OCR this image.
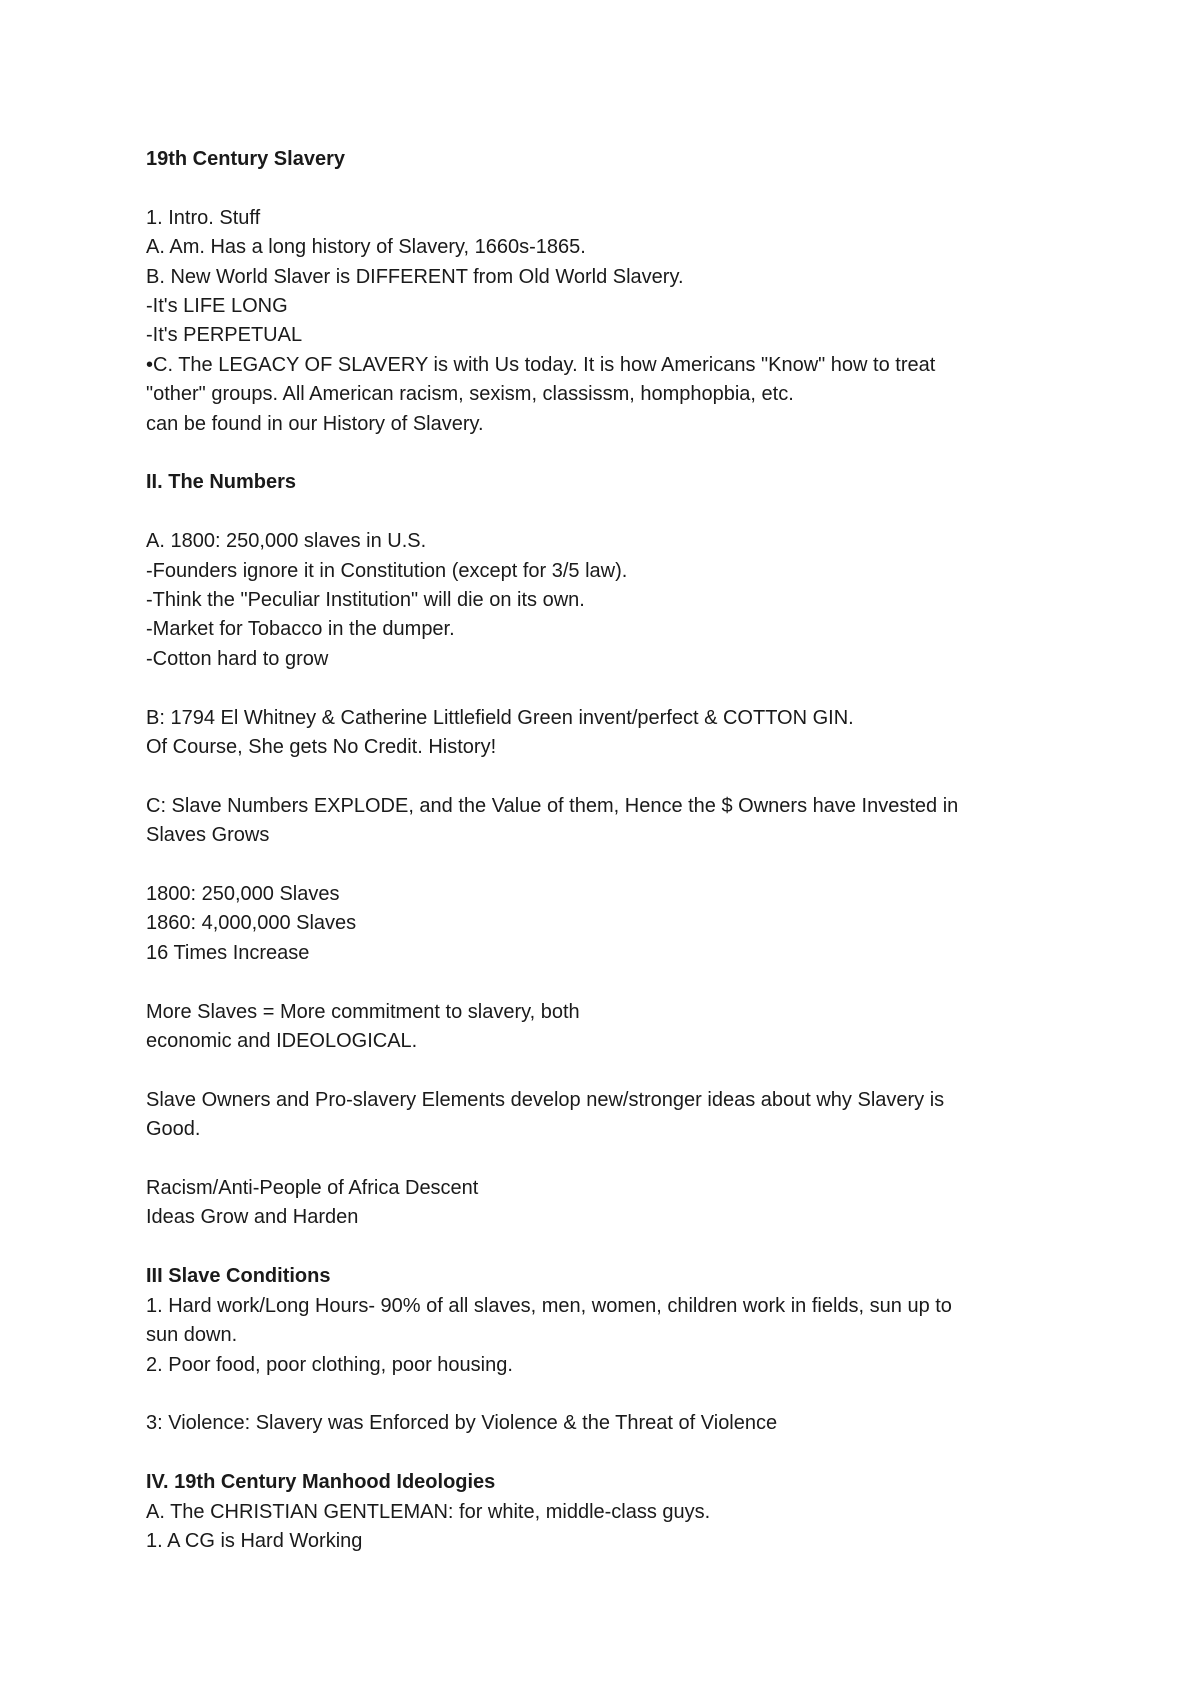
19th Century Slavery
1. Intro. Stuff
A. Am. Has a long history of Slavery, 1660s-1865.
B. New World Slaver is DIFFERENT from Old World Slavery.
-It's LIFE LONG
-It's PERPETUAL
•C. The LEGACY OF SLAVERY is with Us today. It is how Americans "Know" how to treat
"other" groups. All American racism, sexism, classissm, homphopbia, etc.
can be found in our History of Slavery.
II. The Numbers
A. 1800: 250,000 slaves in U.S.
-Founders ignore it in Constitution (except for 3/5 law).
-Think the "Peculiar Institution" will die on its own.
-Market for Tobacco in the dumper.
-Cotton hard to grow
B: 1794 El Whitney & Catherine Littlefield Green invent/perfect & COTTON GIN.
Of Course, She gets No Credit. History!
C: Slave Numbers EXPLODE, and the Value of them, Hence the $ Owners have Invested in
Slaves Grows
1800: 250,000 Slaves
1860: 4,000,000 Slaves
16 Times Increase
More Slaves = More commitment to slavery, both
economic and IDEOLOGICAL.
Slave Owners and Pro-slavery Elements develop new/stronger ideas about why Slavery is
Good.
Racism/Anti-People of Africa Descent
Ideas Grow and Harden
III Slave Conditions
1. Hard work/Long Hours- 90% of all slaves, men, women, children work in fields, sun up to
sun down.
2. Poor food, poor clothing, poor housing.
3: Violence: Slavery was Enforced by Violence & the Threat of Violence
IV. 19th Century Manhood Ideologies
A. The CHRISTIAN GENTLEMAN: for white, middle-class guys.
1. A CG is Hard Working
